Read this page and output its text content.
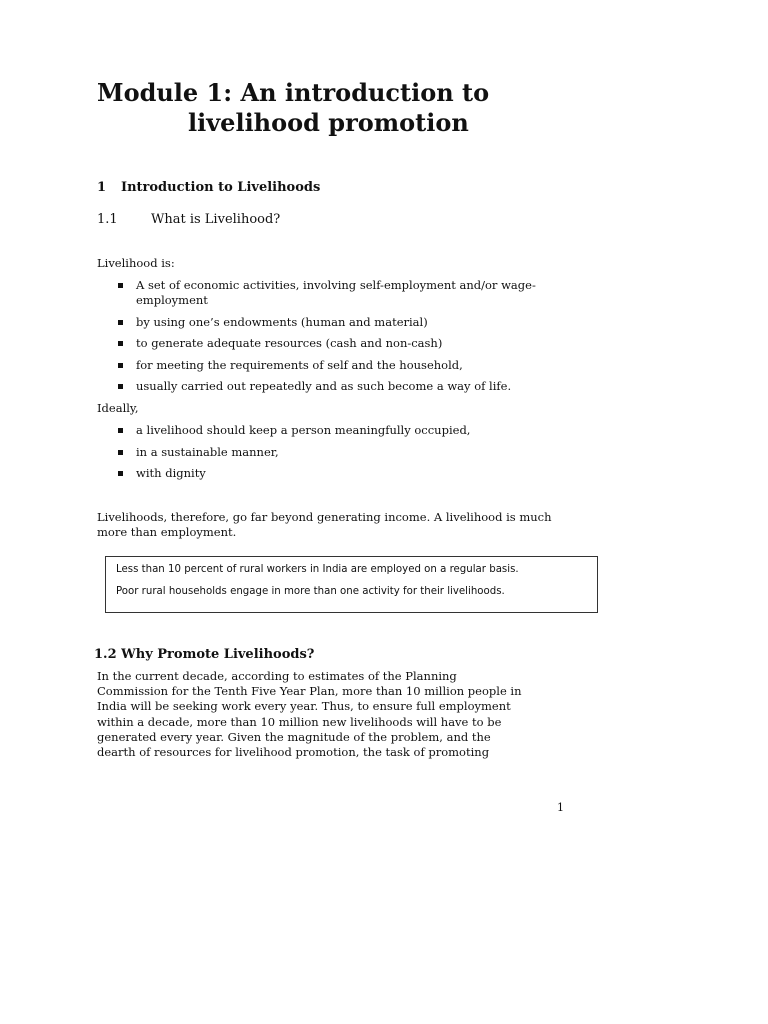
Module 1: An introduction to
livelihood promotion
1 Introduction to Livelihoods
1.1	What is Livelihood?
Livelihood is:
A set of economic activities, involving self-employment and/or wage-employment
by using one’s endowments (human and material)
to generate adequate resources (cash and non-cash)
for meeting the requirements of self and the household,
usually carried out repeatedly and as such become a way of life.
Ideally,
a livelihood should keep a person meaningfully occupied,
in a sustainable manner,
with dignity
Livelihoods, therefore, go far beyond generating income. A livelihood is much more than employment.
Less than 10 percent of rural workers in India are employed on a regular basis.
Poor rural households engage in more than one activity for their livelihoods.
1.2 Why Promote Livelihoods?
In the current decade, according to estimates of the Planning
Commission for the Tenth Five Year Plan, more than 10 million people in
India will be seeking work every year. Thus, to ensure full employment
within a decade, more than 10 million new livelihoods will have to be
generated every year. Given the magnitude of the problem, and the
dearth of resources for livelihood promotion, the task of promoting
1
